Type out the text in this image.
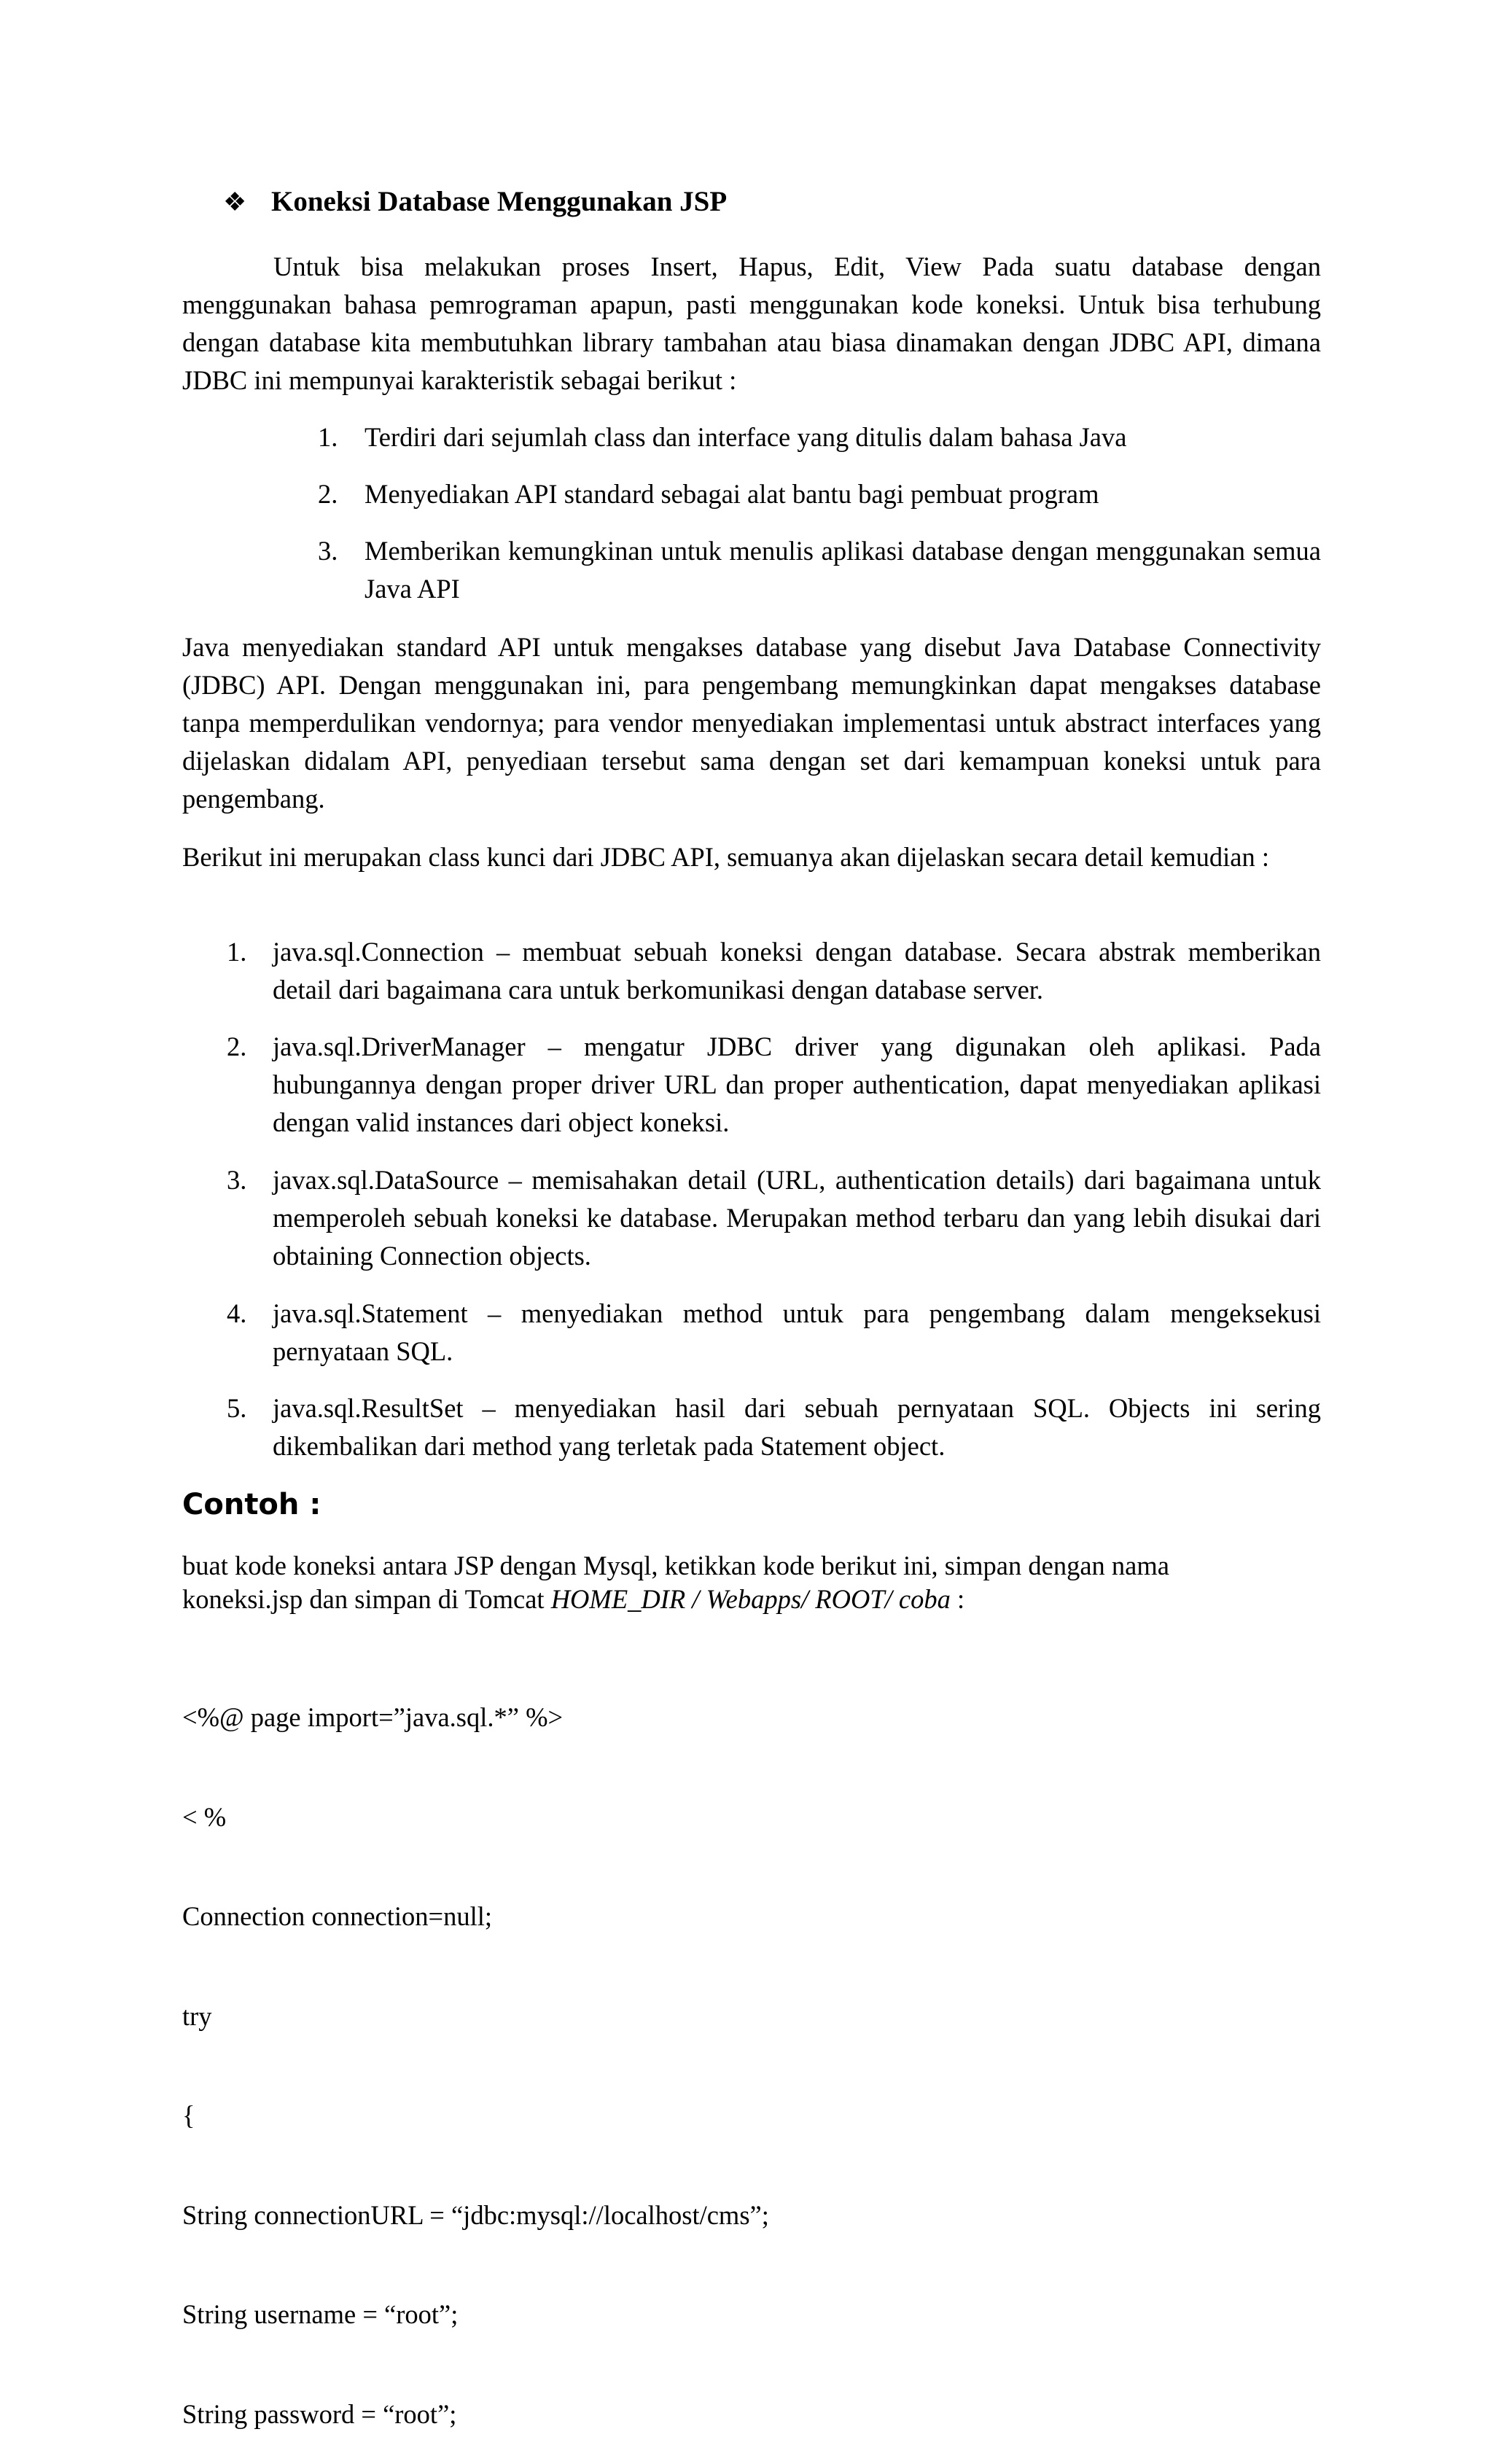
❖ Koneksi Database Menggunakan JSP

Untuk bisa melakukan proses Insert, Hapus, Edit, View Pada suatu database dengan menggunakan bahasa pemrograman apapun, pasti menggunakan kode koneksi. Untuk bisa terhubung dengan database kita membutuhkan library tambahan atau biasa dinamakan dengan JDBC API, dimana JDBC ini mempunyai karakteristik sebagai berikut :

1.	Terdiri dari sejumlah class dan interface yang ditulis dalam bahasa Java
2.	Menyediakan API standard sebagai alat bantu bagi pembuat program
3.	Memberikan kemungkinan untuk menulis aplikasi database dengan menggunakan semua Java API

Java menyediakan standard API untuk mengakses database yang disebut Java Database Connectivity (JDBC) API. Dengan menggunakan ini, para pengembang memungkinkan dapat mengakses database tanpa memperdulikan vendornya; para vendor menyediakan implementasi untuk abstract interfaces yang dijelaskan didalam API, penyediaan tersebut sama dengan set dari kemampuan koneksi untuk para pengembang.

Berikut ini merupakan class kunci dari JDBC API, semuanya akan dijelaskan secara detail kemudian :

1. java.sql.Connection – membuat sebuah koneksi dengan database. Secara abstrak memberikan detail dari bagaimana cara untuk berkomunikasi dengan database server.
2. java.sql.DriverManager – mengatur JDBC driver yang digunakan oleh aplikasi. Pada hubungannya dengan proper driver URL dan proper authentication, dapat menyediakan aplikasi dengan valid instances dari object koneksi.
3. javax.sql.DataSource – memisahakan detail (URL, authentication details) dari bagaimana untuk memperoleh sebuah koneksi ke database. Merupakan method terbaru dan yang lebih disukai dari obtaining Connection objects.
4. java.sql.Statement – menyediakan method untuk para pengembang dalam mengeksekusi pernyataan SQL.
5. java.sql.ResultSet – menyediakan hasil dari sebuah pernyataan SQL. Objects ini sering dikembalikan dari method yang terletak pada Statement object.
Contoh :
buat kode koneksi antara JSP dengan Mysql, ketikkan kode berikut ini, simpan dengan nama
koneksi.jsp dan simpan di Tomcat HOME_DIR / Webapps/ ROOT/ coba :

<%@ page import=”java.sql.*” %>

< %

Connection connection=null;

try

{

String connectionURL = “jdbc:mysql://localhost/cms”;

String username = “root”;

String password = “root”;
